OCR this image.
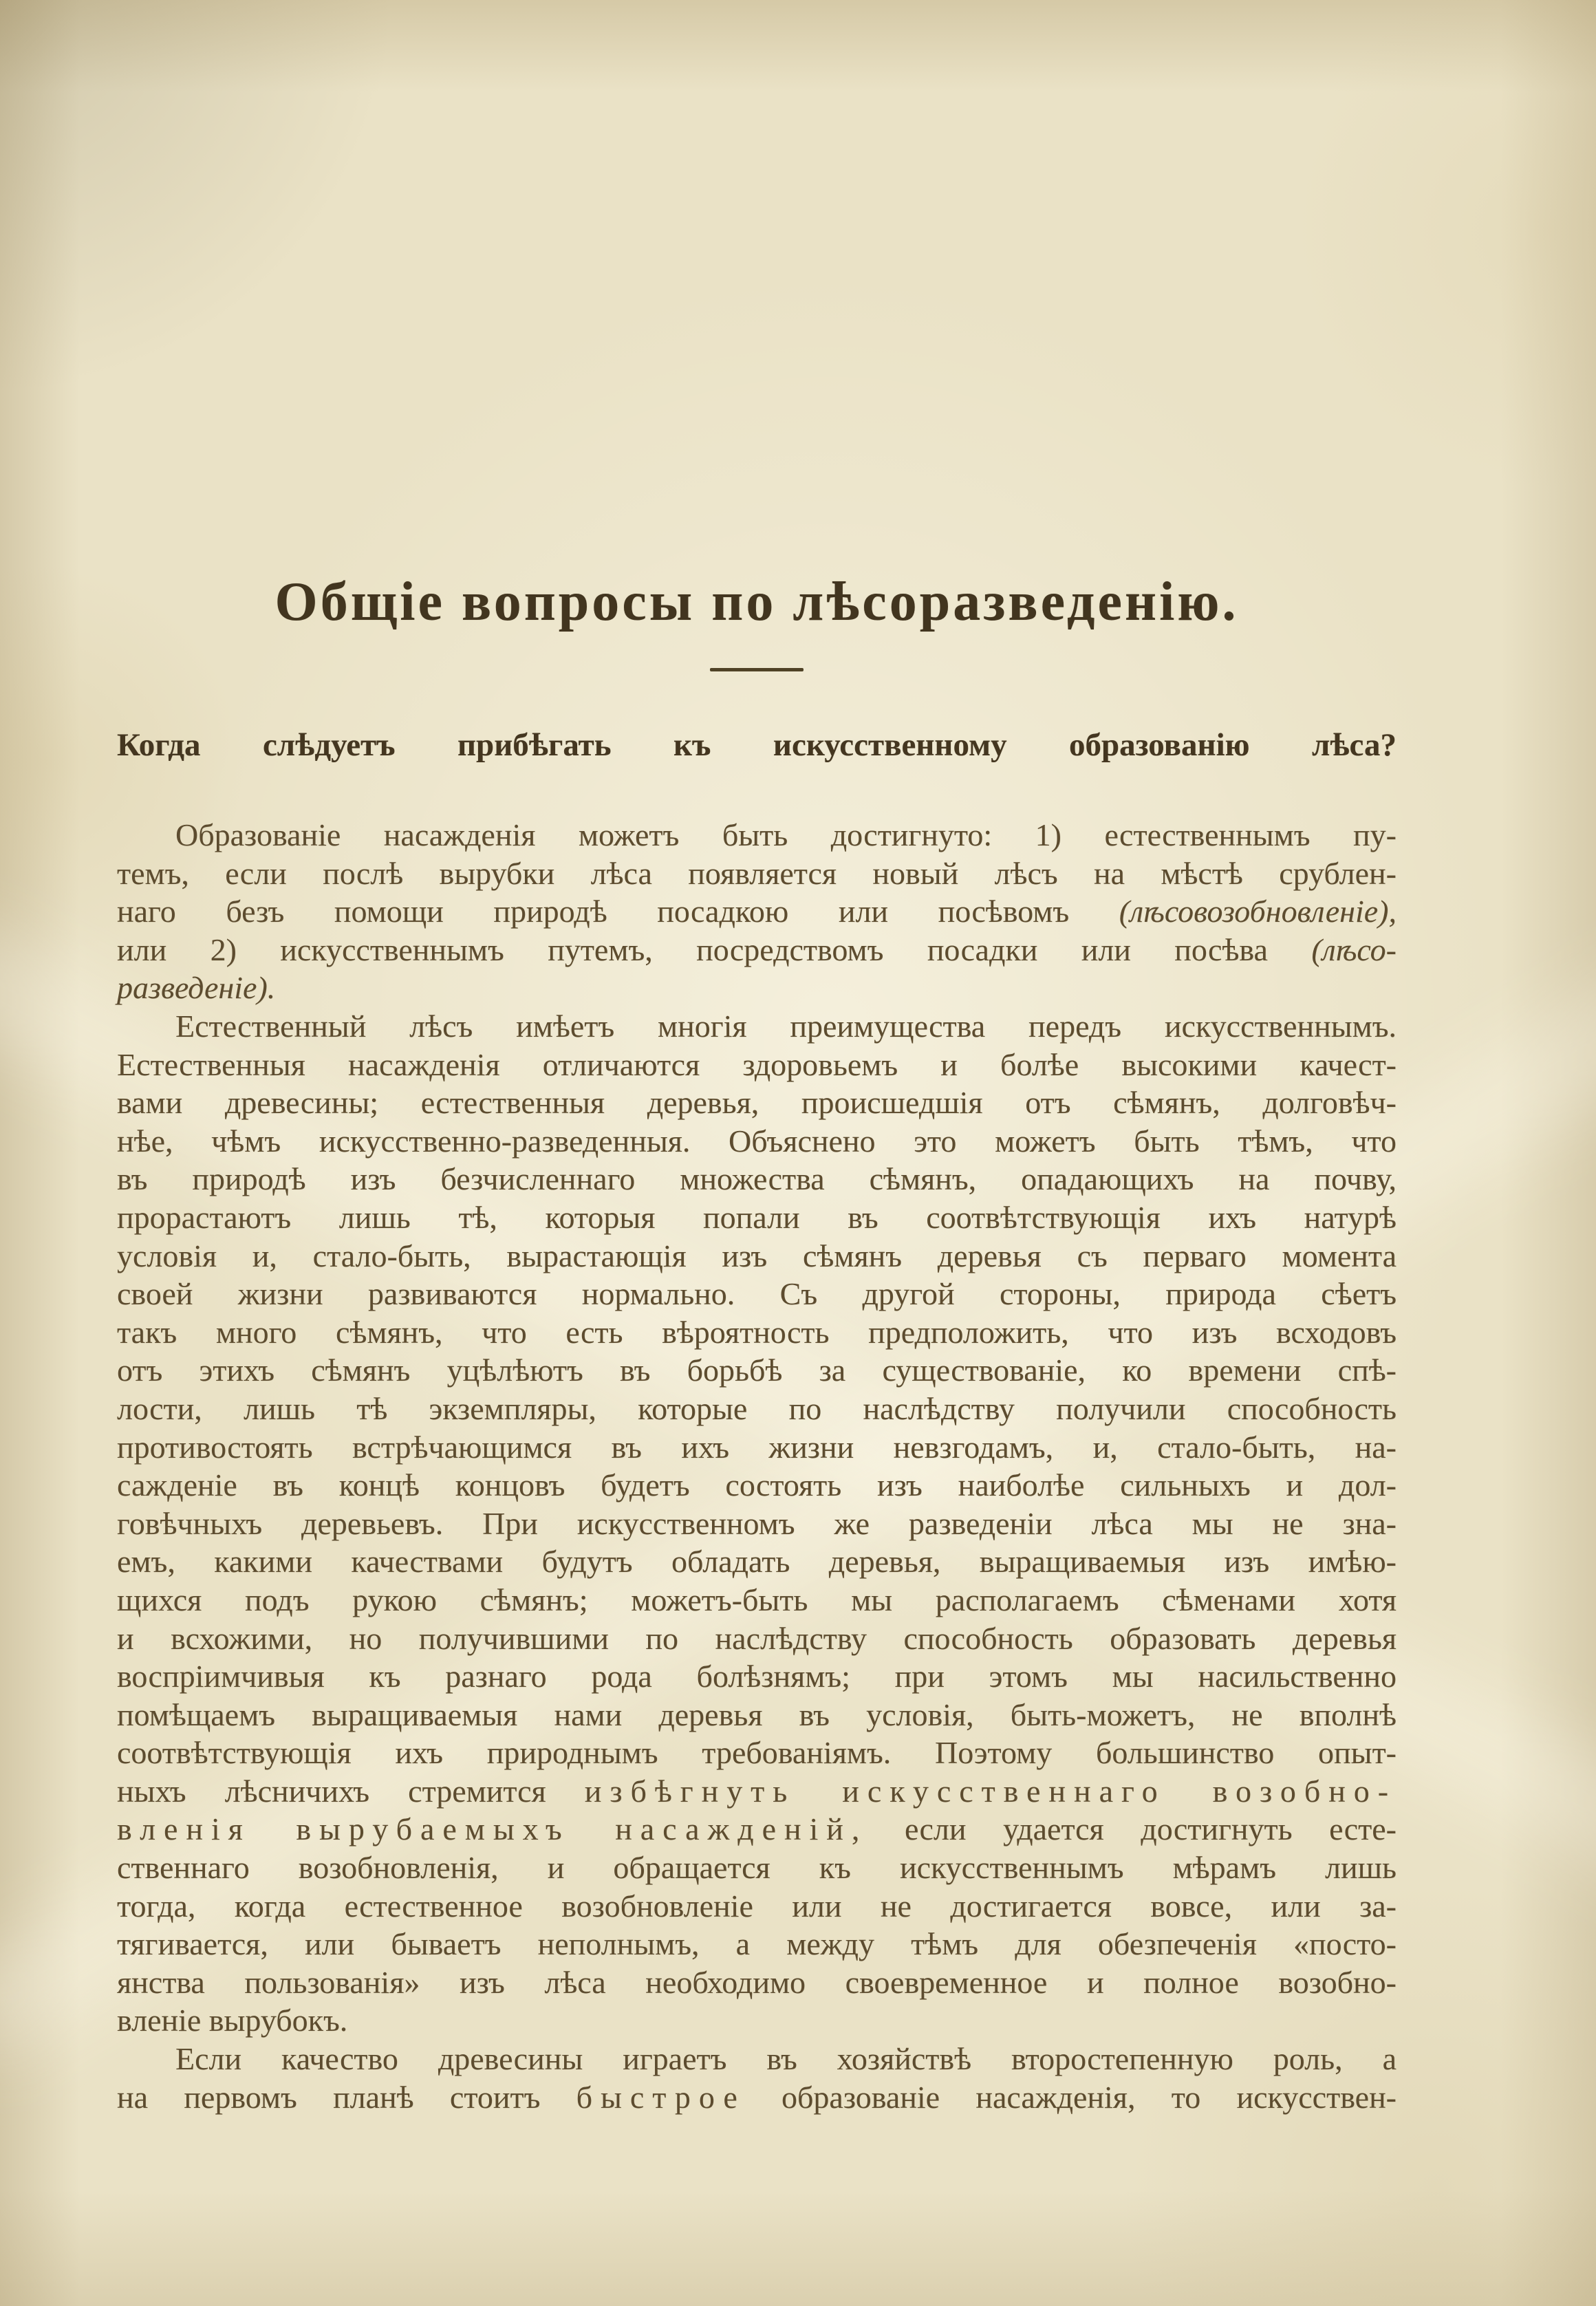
Общіе вопросы по лѣсоразведенію.
Когда слѣдуетъ прибѣгать къ искусственному образованію лѣса?
Образованіе насажденія можетъ быть достигнуто: 1) естественнымъ пу-
темъ, если послѣ вырубки лѣса появляется новый лѣсъ на мѣстѣ срублен-
наго безъ помощи природѣ посадкою или посѣвомъ (лѣсовозобновленіе),
или 2) искусственнымъ путемъ, посредствомъ посадки или посѣва (лѣсо-
разведеніе).
Естественный лѣсъ имѣетъ многія преимущества передъ искусственнымъ.
Естественныя насажденія отличаются здоровьемъ и болѣе высокими качест-
вами древесины; естественныя деревья, происшедшія отъ сѣмянъ, долговѣч-
нѣе, чѣмъ искусственно-разведенныя. Объяснено это можетъ быть тѣмъ, что
въ природѣ изъ безчисленнаго множества сѣмянъ, опадающихъ на почву,
прорастаютъ лишь тѣ, которыя попали въ соотвѣтствующія ихъ натурѣ
условія и, стало-быть, вырастающія изъ сѣмянъ деревья съ перваго момента
своей жизни развиваются нормально. Съ другой стороны, природа сѣетъ
такъ много сѣмянъ, что есть вѣроятность предположить, что изъ всходовъ
отъ этихъ сѣмянъ уцѣлѣютъ въ борьбѣ за существованіе, ко времени спѣ-
лости, лишь тѣ экземпляры, которые по наслѣдству получили способность
противостоять встрѣчающимся въ ихъ жизни невзгодамъ, и, стало-быть, на-
сажденіе въ концѣ концовъ будетъ состоять изъ наиболѣе сильныхъ и дол-
говѣчныхъ деревьевъ. При искусственномъ же разведеніи лѣса мы не зна-
емъ, какими качествами будутъ обладать деревья, выращиваемыя изъ имѣю-
щихся подъ рукою сѣмянъ; можетъ-быть мы располагаемъ сѣменами хотя
и всхожими, но получившими по наслѣдству способность образовать деревья
воспріимчивыя къ разнаго рода болѣзнямъ; при этомъ мы насильственно
помѣщаемъ выращиваемыя нами деревья въ условія, быть-можетъ, не вполнѣ
соотвѣтствующія ихъ природнымъ требованіямъ. Поэтому большинство опыт-
ныхъ лѣсничихъ стремится избѣгнуть искусственнаго возобно-
вленія вырубаемыхъ насажденій, если удается достигнуть есте-
ственнаго возобновленія, и обращается къ искусственнымъ мѣрамъ лишь
тогда, когда естественное возобновленіе или не достигается вовсе, или за-
тягивается, или бываетъ неполнымъ, а между тѣмъ для обезпеченія «посто-
янства пользованія» изъ лѣса необходимо своевременное и полное возобно-
вленіе вырубокъ.
Если качество древесины играетъ въ хозяйствѣ второстепенную роль, а
на первомъ планѣ стоитъ быстрое образованіе насажденія, то искусствен-
